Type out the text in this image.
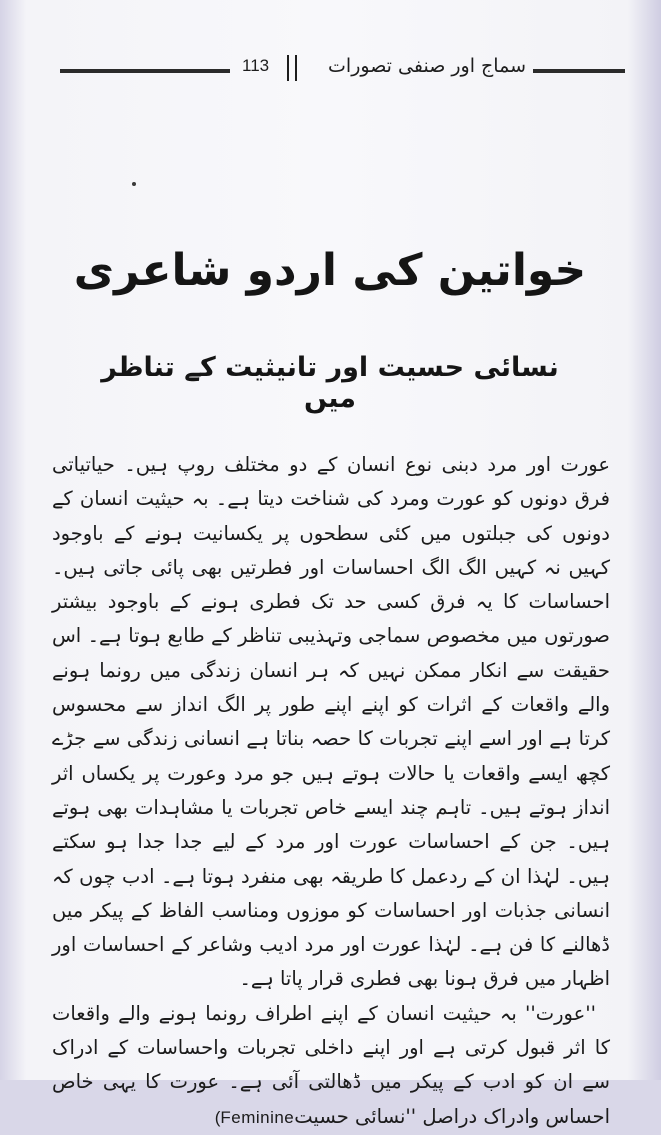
113	سماج اور صنفی تصورات
خواتین کی اردو شاعری
نسائی حسیت اور تانیثیت کے تناظر میں

عورت اور مرد دبنی نوع انسان کے دو مختلف روپ ہیں۔ حیاتیاتی فرق دونوں کو عورت ومرد کی شناخت دیتا ہے۔ بہ حیثیت انسان کے دونوں کی جبلتوں میں کئی سطحوں پر یکسانیت ہونے کے باوجود کہیں نہ کہیں الگ الگ احساسات اور فطرتیں بھی پائی جاتی ہیں۔ احساسات کا یہ فرق کسی حد تک فطری ہونے کے باوجود بیشتر صورتوں میں مخصوص سماجی وتہذیبی تناظر کے طابع ہوتا ہے۔ اس حقیقت سے انکار ممکن نہیں کہ ہر انسان زندگی میں رونما ہونے والے واقعات کے اثرات کو اپنے اپنے طور پر الگ انداز سے محسوس کرتا ہے اور اسے اپنے تجربات کا حصہ بناتا ہے انسانی زندگی سے جڑے کچھ ایسے واقعات یا حالات ہوتے ہیں جو مرد وعورت پر یکساں اثر انداز ہوتے ہیں۔ تاہم چند ایسے خاص تجربات یا مشاہدات بھی ہوتے ہیں۔ جن کے احساسات عورت اور مرد کے لیے جدا جدا ہو سکتے ہیں۔ لہٰذا ان کے ردعمل کا طریقہ بھی منفرد ہوتا ہے۔ ادب چوں کہ انسانی جذبات اور احساسات کو موزوں ومناسب الفاظ کے پیکر میں ڈھالنے کا فن ہے۔ لہٰذا عورت اور مرد ادیب وشاعر کے احساسات اور اظہار میں فرق ہونا بھی فطری قرار پاتا ہے۔

''عورت'' بہ حیثیت انسان کے اپنے اطراف رونما ہونے والے واقعات کا اثر قبول کرتی ہے اور اپنے داخلی تجربات واحساسات کے ادراک سے ان کو ادب کے پیکر میں ڈھالتی آئی ہے۔ عورت کا یہی خاص احساس وادراک دراصل ''نسائی حسیت(Feminine
